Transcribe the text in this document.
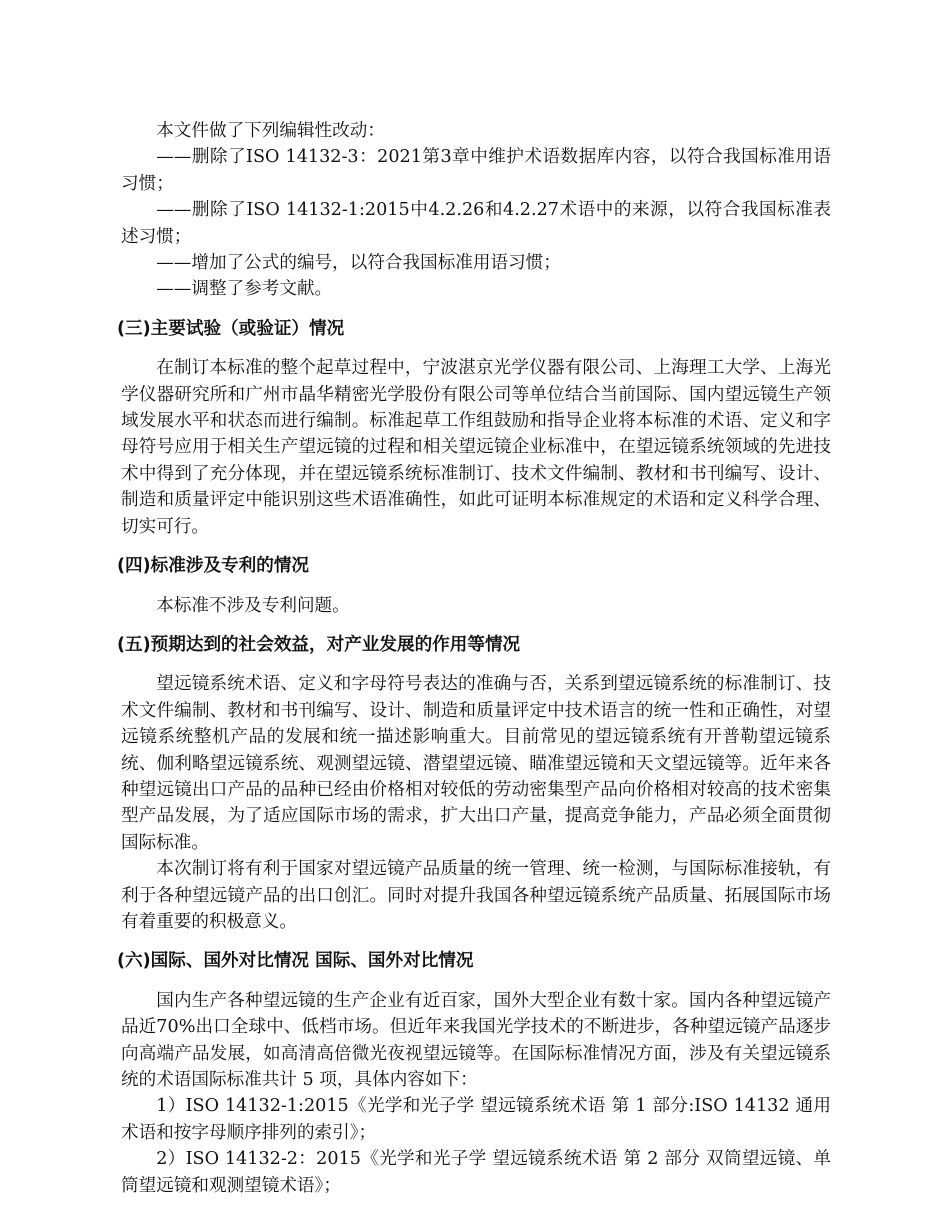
本文件做了下列编辑性改动：

——删除了ISO 14132-3：2021第3章中维护术语数据库内容，以符合我国标准用语习惯；

——删除了ISO 14132-1:2015中4.2.26和4.2.27术语中的来源，以符合我国标准表述习惯；

——增加了公式的编号，以符合我国标准用语习惯；

——调整了参考文献。

(三)主要试验（或验证）情况

在制订本标准的整个起草过程中，宁波湛京光学仪器有限公司、上海理工大学、上海光学仪器研究所和广州市晶华精密光学股份有限公司等单位结合当前国际、国内望远镜生产领域发展水平和状态而进行编制。标准起草工作组鼓励和指导企业将本标准的术语、定义和字母符号应用于相关生产望远镜的过程和相关望远镜企业标准中，在望远镜系统领域的先进技术中得到了充分体现，并在望远镜系统标准制订、技术文件编制、教材和书刊编写、设计、制造和质量评定中能识别这些术语准确性，如此可证明本标准规定的术语和定义科学合理、切实可行。

(四)标准涉及专利的情况

本标准不涉及专利问题。

(五)预期达到的社会效益，对产业发展的作用等情况

望远镜系统术语、定义和字母符号表达的准确与否，关系到望远镜系统的标准制订、技术文件编制、教材和书刊编写、设计、制造和质量评定中技术语言的统一性和正确性，对望远镜系统整机产品的发展和统一描述影响重大。目前常见的望远镜系统有开普勒望远镜系统、伽利略望远镜系统、观测望远镜、潜望望远镜、瞄准望远镜和天文望远镜等。近年来各种望远镜出口产品的品种已经由价格相对较低的劳动密集型产品向价格相对较高的技术密集型产品发展，为了适应国际市场的需求，扩大出口产量，提高竞争能力，产品必须全面贯彻国际标准。

本次制订将有利于国家对望远镜产品质量的统一管理、统一检测，与国际标准接轨，有利于各种望远镜产品的出口创汇。同时对提升我国各种望远镜系统产品质量、拓展国际市场有着重要的积极意义。

(六)国际、国外对比情况 国际、国外对比情况

国内生产各种望远镜的生产企业有近百家，国外大型企业有数十家。国内各种望远镜产品近70%出口全球中、低档市场。但近年来我国光学技术的不断进步，各种望远镜产品逐步向高端产品发展，如高清高倍微光夜视望远镜等。在国际标准情况方面，涉及有关望远镜系统的术语国际标准共计 5 项，具体内容如下：

1）ISO 14132-1:2015《光学和光子学 望远镜系统术语 第 1 部分:ISO 14132 通用术语和按字母顺序排列的索引》；

2）ISO 14132-2：2015《光学和光子学 望远镜系统术语 第 2 部分 双筒望远镜、单筒望远镜和观测望镜术语》；
